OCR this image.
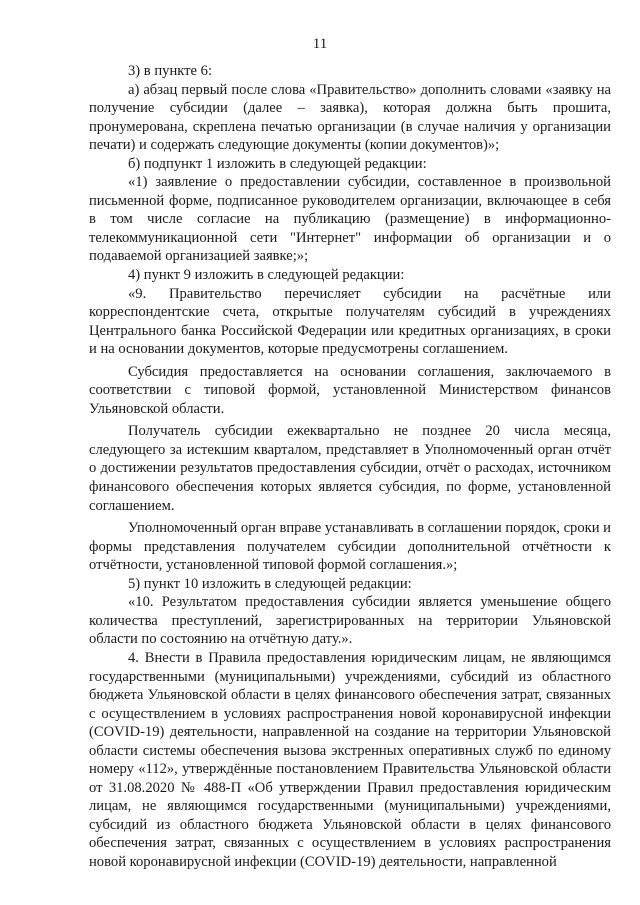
11

3) в пункте 6:

а) абзац первый после слова «Правительство» дополнить словами «заявку на получение субсидии (далее – заявка), которая должна быть прошита, пронумерована, скреплена печатью организации (в случае наличия у организации печати) и содержать следующие документы (копии документов)»;

б) подпункт 1 изложить в следующей редакции:

«1) заявление о предоставлении субсидии, составленное в произвольной письменной форме, подписанное руководителем организации, включающее в себя в том числе согласие на публикацию (размещение) в информационно-телекоммуникационной сети "Интернет" информации об организации и о подаваемой организацией заявке;»;

4) пункт 9 изложить в следующей редакции:

«9. Правительство перечисляет субсидии на расчётные или корреспондентские счета, открытые получателям субсидий в учреждениях Центрального банка Российской Федерации или кредитных организациях, в сроки и на основании документов, которые предусмотрены соглашением.

Субсидия предоставляется на основании соглашения, заключаемого в соответствии с типовой формой, установленной Министерством финансов Ульяновской области.

Получатель субсидии ежеквартально не позднее 20 числа месяца, следующего за истекшим кварталом, представляет в Уполномоченный орган отчёт о достижении результатов предоставления субсидии, отчёт о расходах, источником финансового обеспечения которых является субсидия, по форме, установленной соглашением.

Уполномоченный орган вправе устанавливать в соглашении порядок, сроки и формы представления получателем субсидии дополнительной отчётности к отчётности, установленной типовой формой соглашения.»;

5) пункт 10 изложить в следующей редакции:

«10. Результатом предоставления субсидии является уменьшение общего количества преступлений, зарегистрированных на территории Ульяновской области по состоянию на отчётную дату.».

4. Внести в Правила предоставления юридическим лицам, не являющимся государственными (муниципальными) учреждениями, субсидий из областного бюджета Ульяновской области в целях финансового обеспечения затрат, связанных с осуществлением в условиях распространения новой коронавирусной инфекции (COVID-19) деятельности, направленной на создание на территории Ульяновской области системы обеспечения вызова экстренных оперативных служб по единому номеру «112», утверждённые постановлением Правительства Ульяновской области от 31.08.2020 № 488-П «Об утверждении Правил предоставления юридическим лицам, не являющимся государственными (муниципальными) учреждениями, субсидий из областного бюджета Ульяновской области в целях финансового обеспечения затрат, связанных с осуществлением в условиях распространения новой коронавирусной инфекции (COVID-19) деятельности, направленной
